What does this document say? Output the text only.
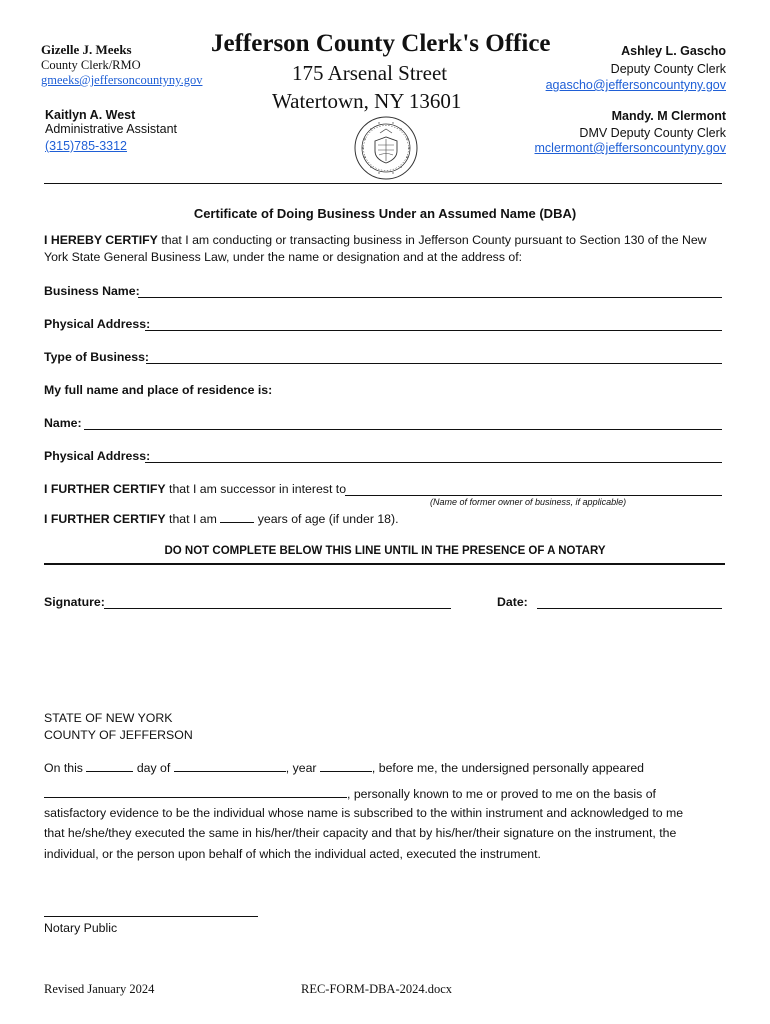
Jefferson County Clerk's Office
175 Arsenal Street
Watertown, NY 13601
Gizelle J. Meeks
County Clerk/RMO
gmeeks@jeffersoncountyny.gov
Kaitlyn A. West
Administrative Assistant
(315)785-3312
Ashley L. Gascho
Deputy County Clerk
agascho@jeffersoncountyny.gov
Mandy. M Clermont
DMV Deputy County Clerk
mclermont@jeffersoncountyny.gov
Certificate of Doing Business Under an Assumed Name (DBA)
I HEREBY CERTIFY that I am conducting or transacting business in Jefferson County pursuant to Section 130 of the New
York State General Business Law, under the name or designation and at the address of:
Business Name:
Physical Address:
Type of Business:
My full name and place of residence is:
Name:
Physical Address:
I FURTHER CERTIFY that I am successor in interest to
(Name of former owner of business, if applicable)
I FURTHER CERTIFY that I am	years of age (if under 18).
DO NOT COMPLETE BELOW THIS LINE UNTIL IN THE PRESENCE OF A NOTARY
Signature:	Date:
STATE OF NEW YORK
COUNTY OF JEFFERSON
On this	day of	, year	, before me, the undersigned personally appeared
, personally known to me or proved to me on the basis of
satisfactory evidence to be the individual whose name is subscribed to the within instrument and acknowledged to me
that he/she/they executed the same in his/her/their capacity and that by his/her/their signature on the instrument, the
individual, or the person upon behalf of which the individual acted, executed the instrument.
Notary Public
Revised January 2024	REC-FORM-DBA-2024.docx
